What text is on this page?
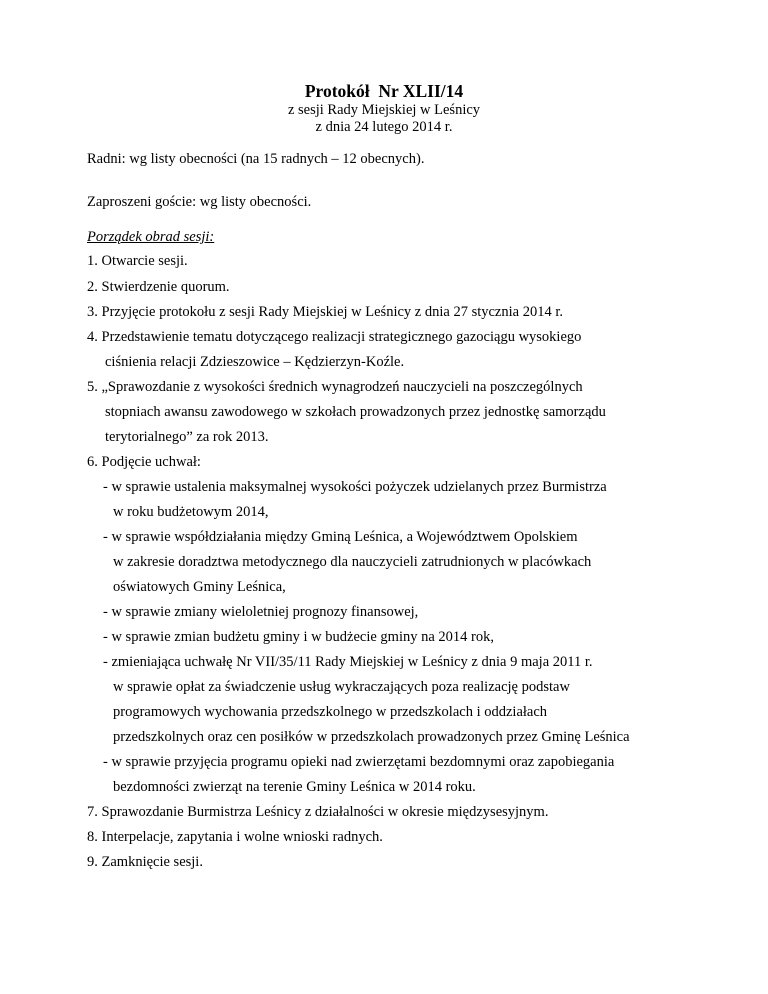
Protokół  Nr XLII/14
z sesji Rady Miejskiej w Leśnicy
z dnia 24 lutego 2014 r.
Radni: wg listy obecności (na 15 radnych – 12 obecnych).
Zaproszeni goście: wg listy obecności.
Porządek obrad sesji:
1. Otwarcie sesji.
2. Stwierdzenie quorum.
3. Przyjęcie protokołu z sesji Rady Miejskiej w Leśnicy z dnia 27 stycznia 2014 r.
4. Przedstawienie tematu dotyczącego realizacji strategicznego gazociągu wysokiego
ciśnienia relacji Zdzieszowice – Kędzierzyn-Koźle.
5. „Sprawozdanie z wysokości średnich wynagrodzeń nauczycieli na poszczególnych
stopniach awansu zawodowego w szkołach prowadzonych przez jednostkę samorządu
terytorialnego” za rok 2013.
6. Podjęcie uchwał:
- w sprawie ustalenia maksymalnej wysokości pożyczek udzielanych przez Burmistrza
w roku budżetowym 2014,
- w sprawie współdziałania między Gminą Leśnica, a Województwem Opolskiem
w zakresie doradztwa metodycznego dla nauczycieli zatrudnionych w placówkach
oświatowych Gminy Leśnica,
- w sprawie zmiany wieloletniej prognozy finansowej,
- w sprawie zmian budżetu gminy i w budżecie gminy na 2014 rok,
- zmieniająca uchwałę Nr VII/35/11 Rady Miejskiej w Leśnicy z dnia 9 maja 2011 r.
w sprawie opłat za świadczenie usług wykraczających poza realizację podstaw
programowych wychowania przedszkolnego w przedszkolach i oddziałach
przedszkolnych oraz cen posiłków w przedszkolach prowadzonych przez Gminę Leśnica
- w sprawie przyjęcia programu opieki nad zwierzętami bezdomnymi oraz zapobiegania
bezdomności zwierząt na terenie Gminy Leśnica w 2014 roku.
7. Sprawozdanie Burmistrza Leśnicy z działalności w okresie międzysesyjnym.
8. Interpelacje, zapytania i wolne wnioski radnych.
9. Zamknięcie sesji.
